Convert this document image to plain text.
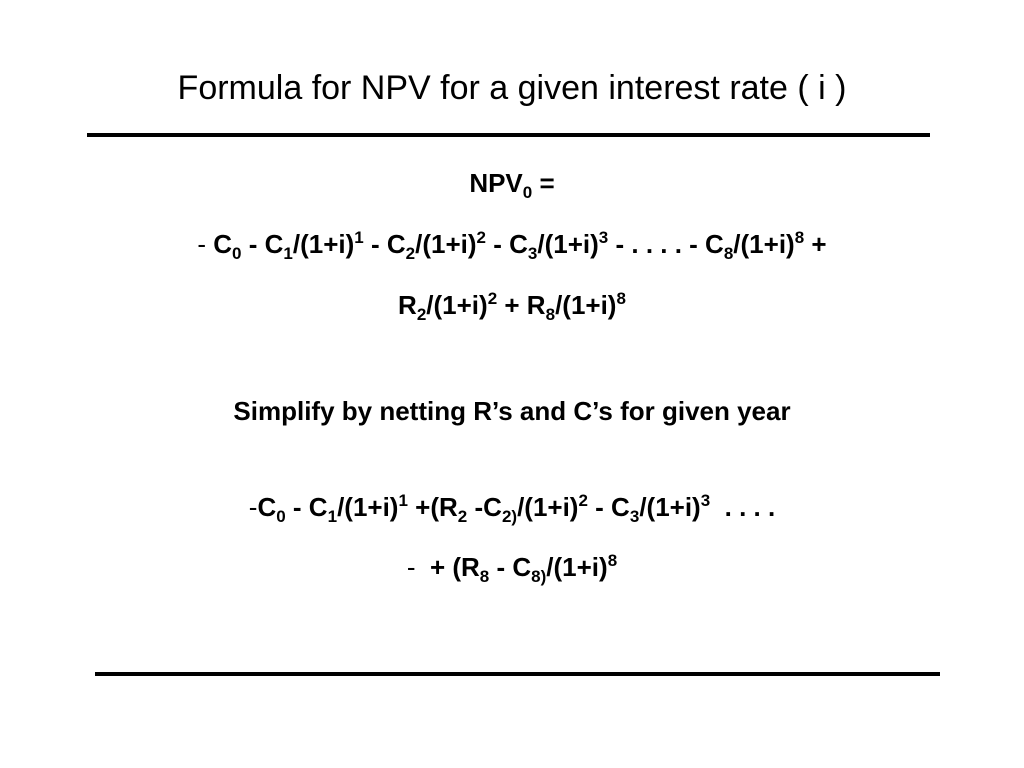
Formula for NPV for a given interest rate ( i )
$NPV_0$ =
- $C_0 - C_1/(1+i)^1 - C_2/(1+i)^2 - C_3/(1+i)^3$ - . . . . - $C_8/(1+i)^8$ +
$R_2/(1+i)^2 + R_8/(1+i)^8$
Simplify by netting R’s and C’s for given year
$-C_0 - C_1/(1+i)^1 +(R_2$ $-C_{2)}/(1+i)^2 - C_3/(1+i)^3$  . . . .
-  + ($R_8 - C_{8)}/(1+i)^8$
